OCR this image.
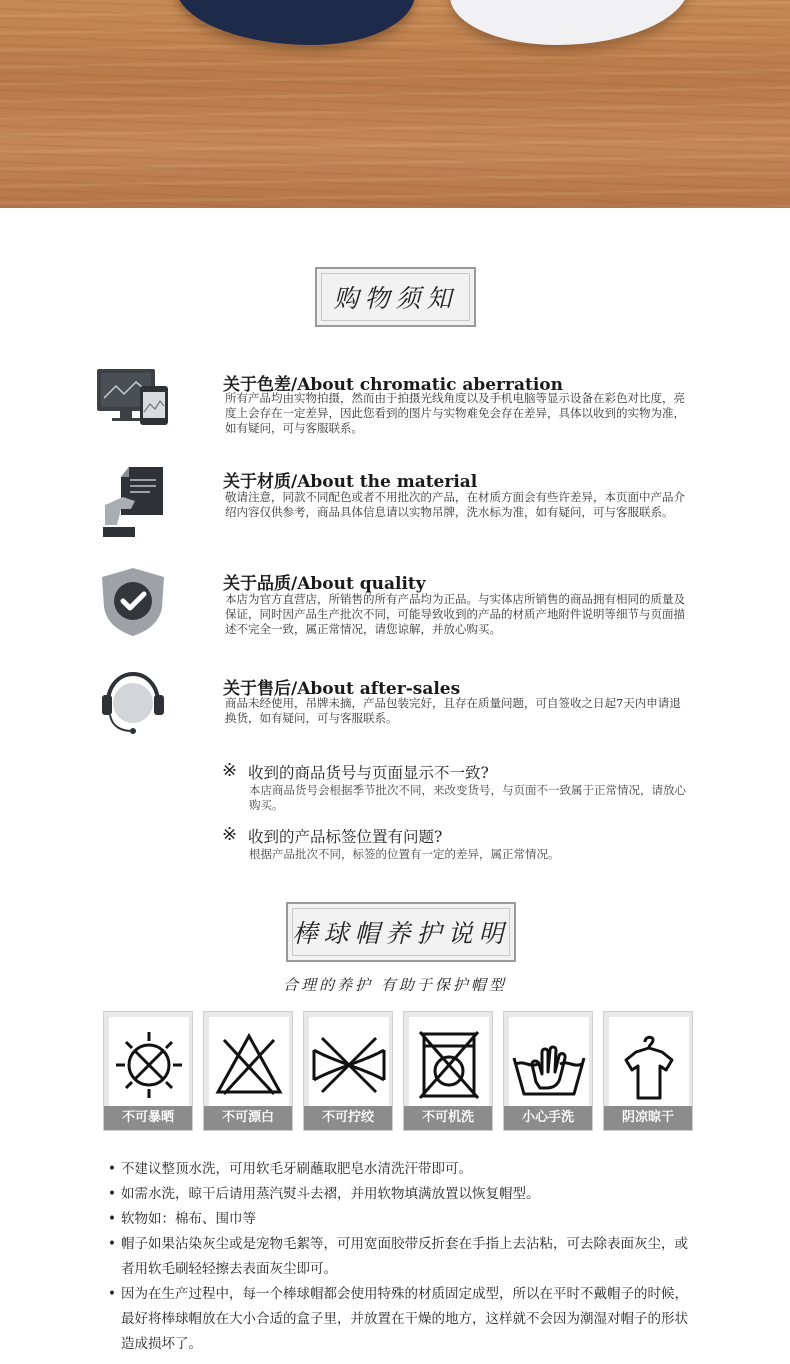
购物须知
关于色差/About chromatic aberration
所有产品均由实物拍摄，然而由于拍摄光线角度以及手机电脑等显示设备在彩色对比度，亮度上会存在一定差异，因此您看到的图片与实物难免会存在差异，具体以收到的实物为准，如有疑问，可与客服联系。
关于材质/About the material
敬请注意，同款不同配色或者不用批次的产品，在材质方面会有些许差异，本页面中产品介绍内容仅供参考，商品具体信息请以实物吊牌，洗水标为准，如有疑问，可与客服联系。
关于品质/About quality
本店为官方直营店，所销售的所有产品均为正品。与实体店所销售的商品拥有相同的质量及保证，同时因产品生产批次不同，可能导致收到的产品的材质产地附件说明等细节与页面描述不完全一致，属正常情况，请您谅解，并放心购买。
关于售后/About after-sales
商品未经使用，吊牌未摘，产品包装完好，且存在质量问题，可自签收之日起7天内申请退换货，如有疑问，可与客服联系。
※ 收到的商品货号与页面显示不一致?
本店商品货号会根据季节批次不同，来改变货号，与页面不一致属于正常情况，请放心购买。
※ 收到的产品标签位置有问题?
根据产品批次不同，标签的位置有一定的差异，属正常情况。
棒球帽养护说明
合理的养护 有助于保护帽型
不可暴晒	不可漂白	不可拧绞	不可机洗	小心手洗	阴凉晾干
• 不建议整顶水洗，可用软毛牙刷蘸取肥皂水清洗汗带即可。
• 如需水洗，晾干后请用蒸汽熨斗去褶，并用软物填满放置以恢复帽型。
• 软物如：棉布、围巾等
• 帽子如果沾染灰尘或是宠物毛絮等，可用宽面胶带反折套在手指上去沾粘，可去除表面灰尘，或者用软毛刷轻轻擦去表面灰尘即可。
• 因为在生产过程中，每一个棒球帽都会使用特殊的材质固定成型，所以在平时不戴帽子的时候，最好将棒球帽放在大小合适的盒子里，并放置在干燥的地方，这样就不会因为潮湿对帽子的形状造成损坏了。
